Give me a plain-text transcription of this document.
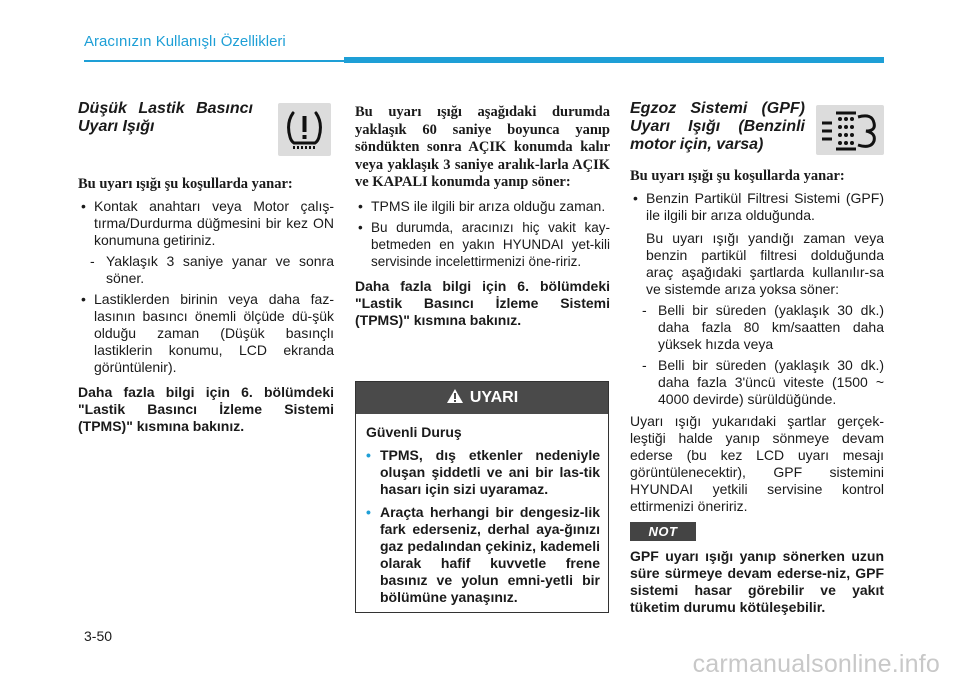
Aracınızın Kullanışlı Özellikleri

Düşük Lastik Basıncı Uyarı Işığı

Bu uyarı ışığı şu koşullarda yanar:

• Kontak anahtarı veya Motor çalış-tırma/Durdurma düğmesini bir kez ON konumuna getiriniz.

- Yaklaşık 3 saniye yanar ve sonra söner.

• Lastiklerden birinin veya daha faz-lasının basıncı önemli ölçüde dü-şük olduğu zaman (Düşük basınçlı lastiklerin konumu, LCD ekranda görüntülenir).

Daha fazla bilgi için 6. bölümdeki "Lastik Basıncı İzleme Sistemi (TPMS)" kısmına bakınız.

Bu uyarı ışığı aşağıdaki durumda yaklaşık 60 saniye boyunca yanıp söndükten sonra AÇIK konumda kalır veya yaklaşık 3 saniye aralık-larla AÇIK ve KAPALI konumda yanıp söner:

• TPMS ile ilgili bir arıza olduğu zaman.

• Bu durumda, aracınızı hiç vakit kay-betmeden en yakın HYUNDAI yet-kili servisinde incelettirmenizi öne-ririz.

Daha fazla bilgi için 6. bölümdeki "Lastik Basıncı İzleme Sistemi (TPMS)" kısmına bakınız.

UYARI

Güvenli Duruş

• TPMS, dış etkenler nedeniyle oluşan şiddetli ve ani bir las-tik hasarı için sizi uyaramaz.

• Araçta herhangi bir dengesiz-lik fark ederseniz, derhal aya-ğınızı gaz pedalından çekiniz, kademeli olarak hafif kuvvetle frene basınız ve yolun emni-yetli bir bölümüne yanaşınız.

Egzoz Sistemi (GPF) Uyarı Işığı (Benzinli motor için, varsa)

Bu uyarı ışığı şu koşullarda yanar:

• Benzin Partikül Filtresi Sistemi (GPF) ile ilgili bir arıza olduğunda.

Bu uyarı ışığı yandığı zaman veya benzin partikül filtresi dolduğunda araç aşağıdaki şartlarda kullanılır-sa ve sistemde arıza yoksa söner:

- Belli bir süreden (yaklaşık 30 dk.) daha fazla 80 km/saatten daha yüksek hızda veya

- Belli bir süreden (yaklaşık 30 dk.) daha fazla 3'üncü viteste (1500 ~ 4000 devirde) sürüldüğünde.

Uyarı ışığı yukarıdaki şartlar gerçek-leştiği halde yanıp sönmeye devam ederse (bu kez LCD uyarı mesajı görüntülenecektir), GPF sistemini HYUNDAI yetkili servisine kontrol ettirmenizi öneririz.

NOT

GPF uyarı ışığı yanıp sönerken uzun süre sürmeye devam ederse-niz, GPF sistemi hasar görebilir ve yakıt tüketim durumu kötüleşebilir.

3-50
carmanualsonline.info
